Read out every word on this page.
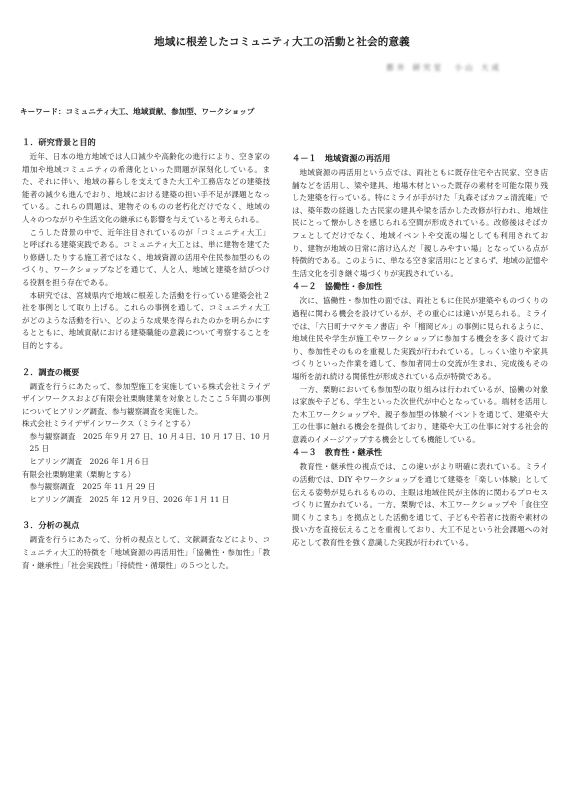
地域に根差したコミュニティ大工の活動と社会的意義
都井 研究室　小山 大成
キーワード：コミュニティ大工、地域貢献、参加型、ワークショップ
１．研究背景と目的

近年、日本の地方地域では人口減少や高齢化の進行により、空き家の増加や地域コミュニティの希薄化といった問題が深刻化している。また、それに伴い、地域の暮らしを支えてきた大工や工務店などの建築技能者の減少も進んでおり、地域における建築の担い手不足が課題となっている。これらの問題は、建物そのものの老朽化だけでなく、地域の人々のつながりや生活文化の継承にも影響を与えていると考えられる。

こうした背景の中で、近年注目されているのが「コミュニティ大工」と呼ばれる建築実践である。コミュニティ大工とは、単に建物を建てたり修繕したりする施工者ではなく、地域資源の活用や住民参加型のものづくり、ワークショップなどを通じて、人と人、地域と建築を結びつける役割を担う存在である。

本研究では、宮城県内で地域に根差した活動を行っている建築会社２社を事例として取り上げる。これらの事例を通して、コミュニティ大工がどのような活動を行い、どのような成果を得られたのかを明らかにするとともに、地域貢献における建築職能の意義について考察することを目的とする。

２．調査の概要

調査を行うにあたって、参加型施工を実施している株式会社ミライデザインワークスおよび有限会社栗駒建業を対象としたここ５年間の事例についてヒアリング調査、参与観察調査を実施した。

株式会社ミライデザインワークス（ミライとする）

参与観察調査　2025 年９月 27 日、10 月４日、10 月 17 日、10 月 25 日

ヒアリング調査　2026 年１月６日

有限会社栗駒建業（栗駒とする）

参与観察調査　2025 年 11 月 29 日

ヒアリング調査　2025 年 12 月９日、2026 年１月 11 日

３．分析の視点

調査を行うにあたって、分析の視点として、文献調査などにより、コミュニティ大工的特徴を「地域資源の再活用性」「協働性・参加性」「教育・継承性」「社会実践性」「持続性・循環性」の５つとした。

４－１　地域資源の再活用

地域資源の再活用という点では、両社ともに既存住宅や古民家、空き店舗などを活用し、梁や建具、地場木材といった既存の素材を可能な限り残した建築を行っている。特にミライが手がけた「丸森そばカフェ清流庵」では、築年数の経過した古民家の建具や梁を活かした改修が行われ、地域住民にとって懐かしさを感じられる空間が形成されている。改修後はそばカフェとしてだけでなく、地域イベントや交流の場としても利用されており、建物が地域の日常に溶け込んだ「親しみやすい場」となっている点が特徴的である。このように、単なる空き家活用にとどまらず、地域の記憶や生活文化を引き継ぐ場づくりが実践されている。

４－２　協働性・参加性

次に、協働性・参加性の面では、両社ともに住民が建築やものづくりの過程に関わる機会を設けているが、その重心には違いが見られる。ミライでは、「六日町ナマケモノ書店」や「榴岡ビル」の事例に見られるように、地域住民や学生が施工やワークショップに参加する機会を多く設けており、参加性そのものを重視した実践が行われている。しっくい塗りや家具づくりといった作業を通して、参加者同士の交流が生まれ、完成後もその場所を訪れ続ける関係性が形成されている点が特徴である。

一方、栗駒においても参加型の取り組みは行われているが、協働の対象は家族や子ども、学生といった次世代が中心となっている。端材を活用した木工ワークショップや、親子参加型の体験イベントを通じて、建築や大工の仕事に触れる機会を提供しており、建築や大工の仕事に対する社会的意義のイメージアップする機会としても機能している。

４－３　教育性・継承性

教育性・継承性の視点では、この違いがより明確に表れている。ミライの活動では、DIY やワークショップを通じて建築を「楽しい体験」として伝える姿勢が見られるものの、主眼は地域住民が主体的に関わるプロセスづくりに置かれている。一方、栗駒では、木工ワークショップや「食住空間くりこまち」を拠点とした活動を通じて、子どもや若者に技術や素材の扱い方を直接伝えることを重視しており、大工不足という社会課題への対応として教育性を強く意識した実践が行われている。
